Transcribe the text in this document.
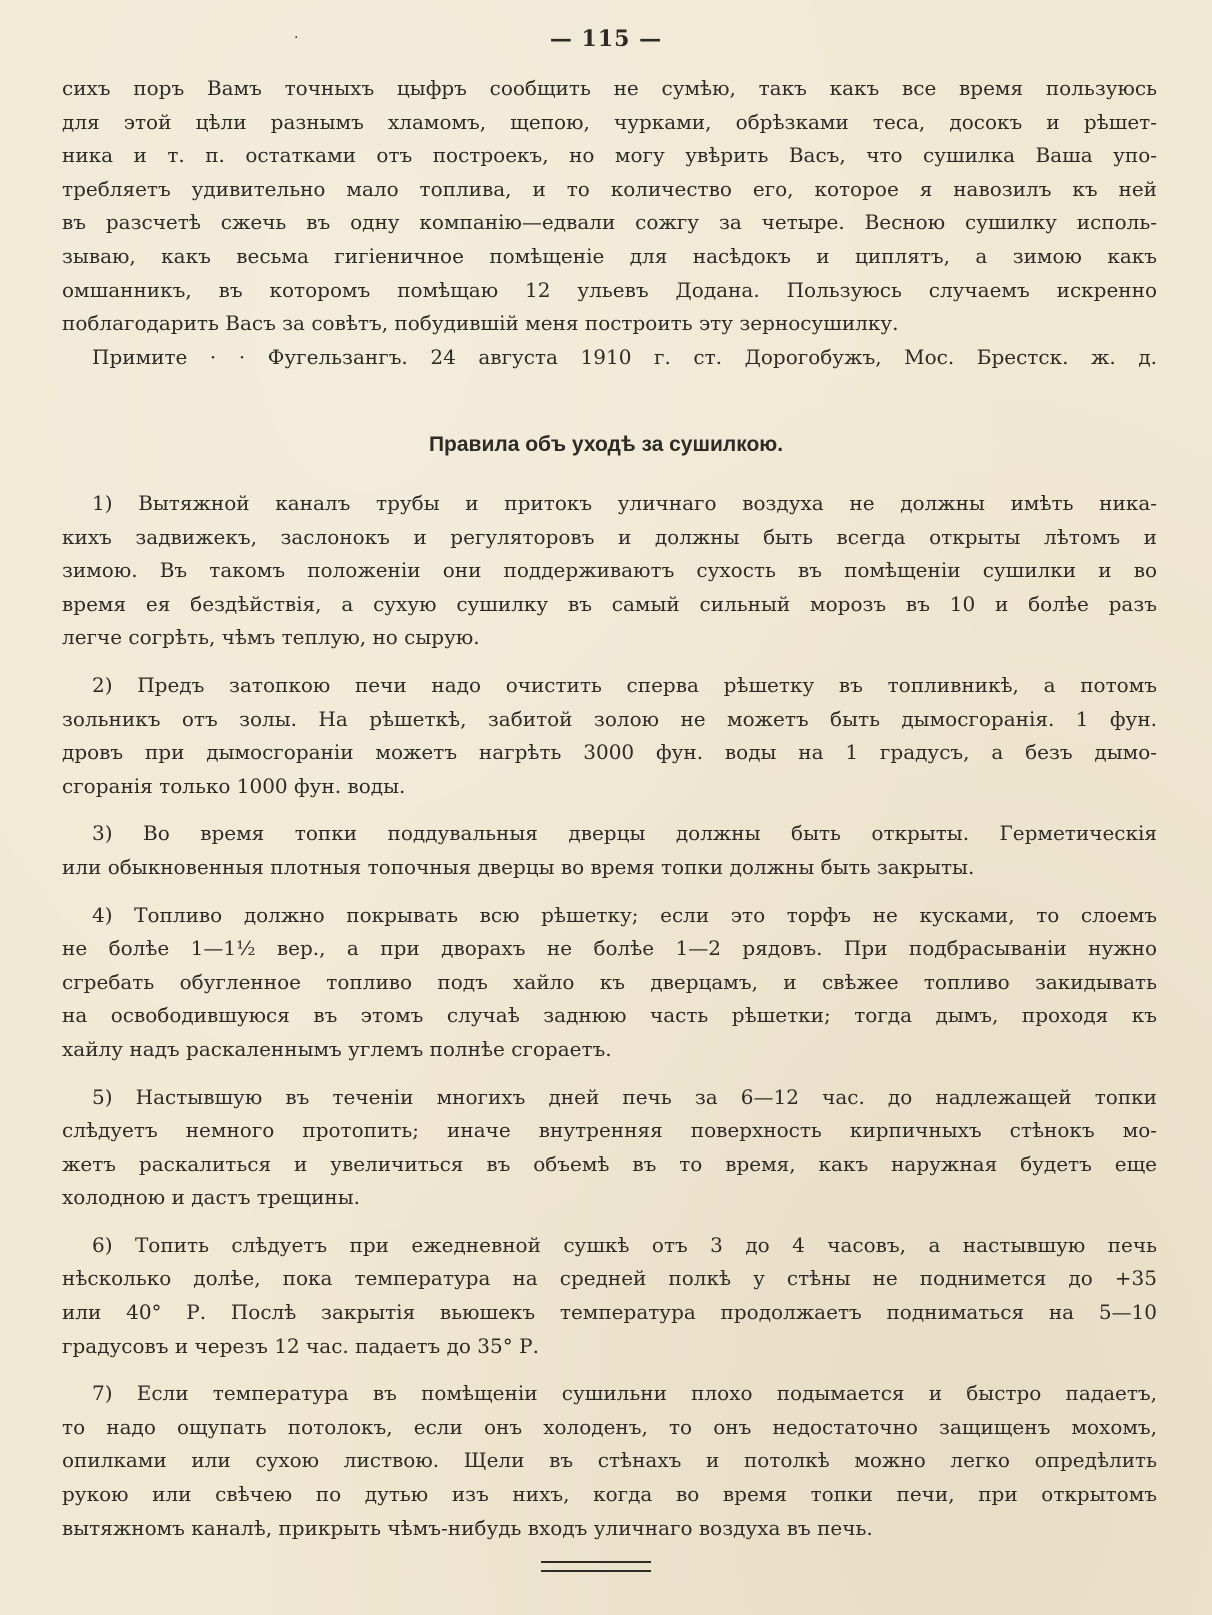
·	— 115 —
сихъ поръ Вамъ точныхъ цыфръ сообщить не сумѣю, такъ какъ все время пользуюсь
для этой цѣли разнымъ хламомъ, щепою, чурками, обрѣзками теса, досокъ и рѣшет-
ника и т. п. остатками отъ построекъ, но могу увѣрить Васъ, что сушилка Ваша упо-
требляетъ удивительно мало топлива, и то количество его, которое я навозилъ къ ней
въ разсчетѣ сжечь въ одну компанію—едвали сожгу за четыре. Весною сушилку исполь-
зываю, какъ весьма гигіеничное помѣщеніе для насѣдокъ и циплятъ, а зимою какъ
омшанникъ, въ которомъ помѣщаю 12 ульевъ Додана. Пользуюсь случаемъ искренно
поблагодарить Васъ за совѣтъ, побудившій меня построить эту зерносушилку.
Примите · · Фугельзангъ. 24 августа 1910 г. ст. Дорогобужъ, Мос. Брестск. ж. д.
Правила объ уходѣ за сушилкою.
1) Вытяжной каналъ трубы и притокъ уличнаго воздуха не должны имѣть ника-
кихъ задвижекъ, заслонокъ и регуляторовъ и должны быть всегда открыты лѣтомъ и
зимою. Въ такомъ положеніи они поддерживаютъ сухость въ помѣщеніи сушилки и во
время ея бездѣйствія, а сухую сушилку въ самый сильный морозъ въ 10 и болѣе разъ
легче согрѣть, чѣмъ теплую, но сырую.
2) Предъ затопкою печи надо очистить сперва рѣшетку въ топливникѣ, а потомъ
зольникъ отъ золы. На рѣшеткѣ, забитой золою не можетъ быть дымосгоранія. 1 фун.
дровъ при дымосгораніи можетъ нагрѣть 3000 фун. воды на 1 градусъ, а безъ дымо-
сгоранія только 1000 фун. воды.
3) Во время топки поддувальныя дверцы должны быть открыты. Герметическія
или обыкновенныя плотныя топочныя дверцы во время топки должны быть закрыты.
4) Топливо должно покрывать всю рѣшетку; если это торфъ не кусками, то слоемъ
не болѣе 1—1½ вер., а при дворахъ не болѣе 1—2 рядовъ. При подбрасываніи нужно
сгребать обугленное топливо подъ хайло къ дверцамъ, и свѣжее топливо закидывать
на освободившуюся въ этомъ случаѣ заднюю часть рѣшетки; тогда дымъ, проходя къ
хайлу надъ раскаленнымъ углемъ полнѣе сгораетъ.
5) Настывшую въ теченіи многихъ дней печь за 6—12 час. до надлежащей топки
слѣдуетъ немного протопить; иначе внутренняя поверхность кирпичныхъ стѣнокъ мо-
жетъ раскалиться и увеличиться въ объемѣ въ то время, какъ наружная будетъ еще
холодною и дастъ трещины.
6) Топить слѣдуетъ при ежедневной сушкѣ отъ 3 до 4 часовъ, а настывшую печь
нѣсколько долѣе, пока температура на средней полкѣ у стѣны не поднимется до +35
или 40° Р. Послѣ закрытія вьюшекъ температура продолжаетъ подниматься на 5—10
градусовъ и черезъ 12 час. падаетъ до 35° Р.
7) Если температура въ помѣщеніи сушильни плохо подымается и быстро падаетъ,
то надо ощупать потолокъ, если онъ холоденъ, то онъ недостаточно защищенъ мохомъ,
опилками или сухою листвою. Щели въ стѣнахъ и потолкѣ можно легко опредѣлить
рукою или свѣчею по дутью изъ нихъ, когда во время топки печи, при открытомъ
вытяжномъ каналѣ, прикрыть чѣмъ-нибудь входъ уличнаго воздуха въ печь.
